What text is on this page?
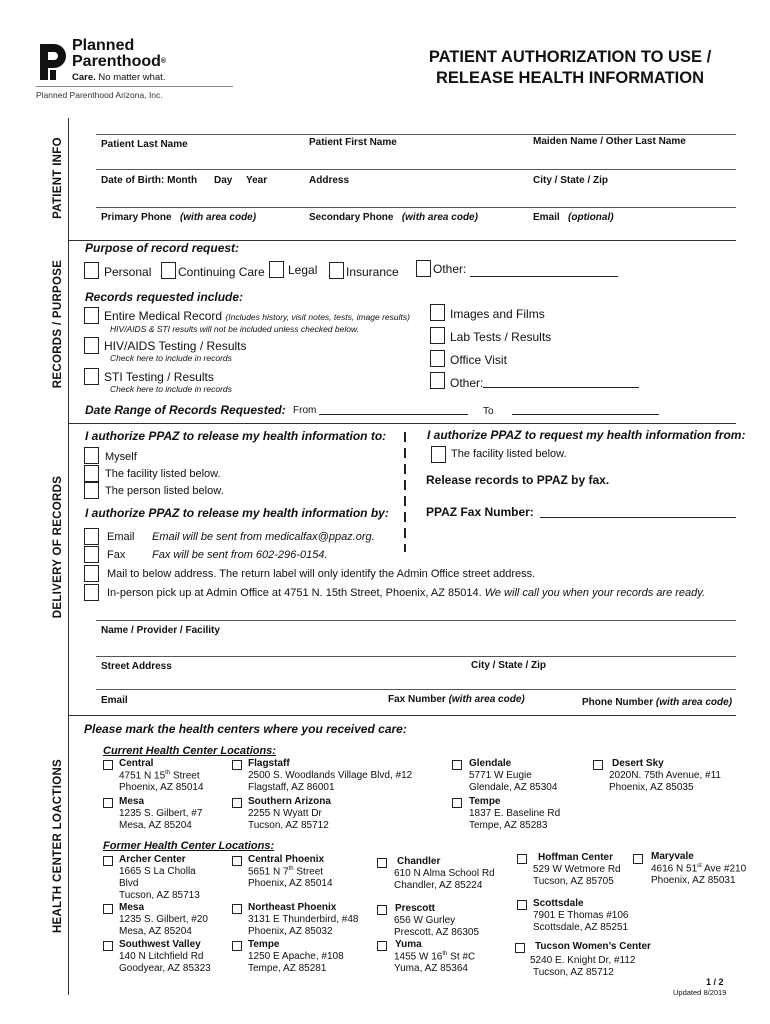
Planned
Parenthood®
Care. No matter what.
Planned Parenthood Arizona, Inc.
PATIENT AUTHORIZATION TO USE /
RELEASE HEALTH INFORMATION
PATIENT INFO
RECORDS / PURPOSE
DELIVERY OF RECORDS
HEALTH CENTER LOACTIONS
Patient Last Name	Patient First Name	Maiden Name / Other Last Name
Date of Birth: Month Day Year	Address	City / State / Zip
Primary Phone (with area code)	Secondary Phone (with area code)	Email (optional)
Purpose of record request:
Personal Continuing Care Legal Insurance	Other:
Records requested include:
Entire Medical Record (Includes history, visit notes, tests, image results)
HIV/AIDS & STI results will not be included unless checked below.
HIV/AIDS Testing / Results
Check here to include in records
STI Testing / Results
Check here to include in records
Images and Films
Lab Tests / Results
Office Visit
Other:
Date Range of Records Requested: From	To
I authorize PPAZ to release my health information to:	I authorize PPAZ to request my health information from:
Myself
The facility listed below.
The person listed below.
The facility listed below.
Release records to PPAZ by fax.
PPAZ Fax Number:
I authorize PPAZ to release my health information by:
Email Email will be sent from medicalfax@ppaz.org.
Fax Fax will be sent from 602-296-0154.
Mail to below address. The return label will only identify the Admin Office street address.
In-person pick up at Admin Office at 4751 N. 15th Street, Phoenix, AZ 85014. We will call you when your records are ready.
Name / Provider / Facility
Street Address	City / State / Zip
Email	Fax Number (with area code)	Phone Number (with area code)
Please mark the health centers where you received care:
Current Health Center Locations:
Central
4751 N 15th Street
Phoenix, AZ 85014
Mesa
1235 S. Gilbert, #7
Mesa, AZ 85204
Flagstaff
2500 S. Woodlands Village Blvd, #12
Flagstaff, AZ 86001
Southern Arizona
2255 N Wyatt Dr
Tucson, AZ 85712
Glendale
5771 W Eugie
Glendale, AZ 85304
Tempe
1837 E. Baseline Rd
Tempe, AZ 85283
Desert Sky
2020N. 75th Avenue, #11
Phoenix, AZ 85035
Former Health Center Locations:
Archer Center
1665 S La Cholla
Blvd
Tucson, AZ 85713
Mesa
1235 S. Gilbert, #20
Mesa, AZ 85204
Southwest Valley
140 N Litchfield Rd
Goodyear, AZ 85323
Central Phoenix
5651 N 7th Street
Phoenix, AZ 85014
Northeast Phoenix
3131 E Thunderbird, #48
Phoenix, AZ 85032
Tempe
1250 E Apache, #108
Tempe, AZ 85281
Chandler
610 N Alma School Rd
Chandler, AZ 85224
Prescott
656 W Gurley
Prescott, AZ 86305
Yuma
1455 W 16th St #C
Yuma, AZ 85364
Hoffman Center
529 W Wetmore Rd
Tucson, AZ 85705
Scottsdale
7901 E Thomas #106
Scottsdale, AZ 85251
Tucson Women’s Center
5240 E. Knight Dr, #112
Tucson, AZ 85712
Maryvale
4616 N 51st Ave #210
Phoenix, AZ 85031
1 / 2
Updated 8/2019
